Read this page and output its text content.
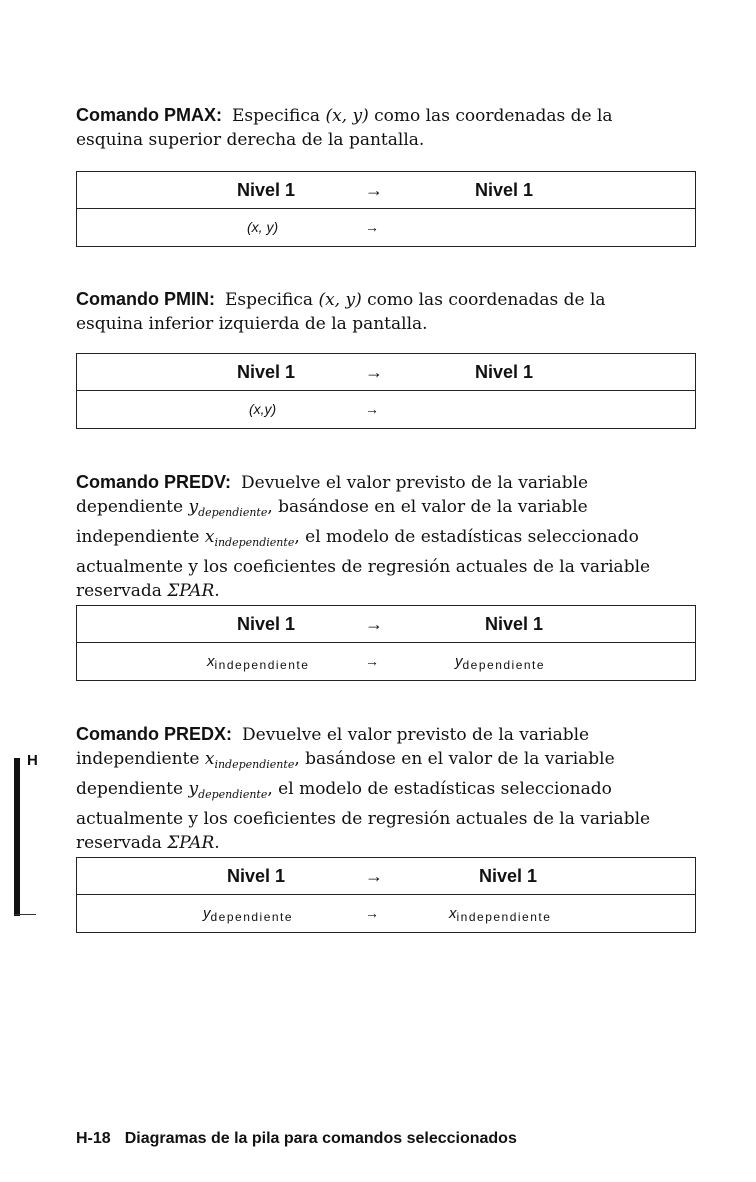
Comando PMAX: Especifica (x, y) como las coordenadas de la esquina superior derecha de la pantalla.

Nivel 1	→	Nivel 1
(x, y)	→

Comando PMIN: Especifica (x, y) como las coordenadas de la esquina inferior izquierda de la pantalla.

Nivel 1	→	Nivel 1
(x,y)	→

Comando PREDV: Devuelve el valor previsto de la variable dependiente $y_{dependiente}$, basándose en el valor de la variable independiente $x_{independiente}$, el modelo de estadísticas seleccionado actualmente y los coeficientes de regresión actuales de la variable reservada ΣPAR.

Nivel 1	→	Nivel 1
xindependiente	→	ydependiente

Comando PREDX: Devuelve el valor previsto de la variable independiente $x_{independiente}$, basándose en el valor de la variable dependiente $y_{dependiente}$, el modelo de estadísticas seleccionado actualmente y los coeficientes de regresión actuales de la variable reservada ΣPAR.

Nivel 1	→	Nivel 1
ydependiente	→	xindependiente
H
H-18 Diagramas de la pila para comandos seleccionados
